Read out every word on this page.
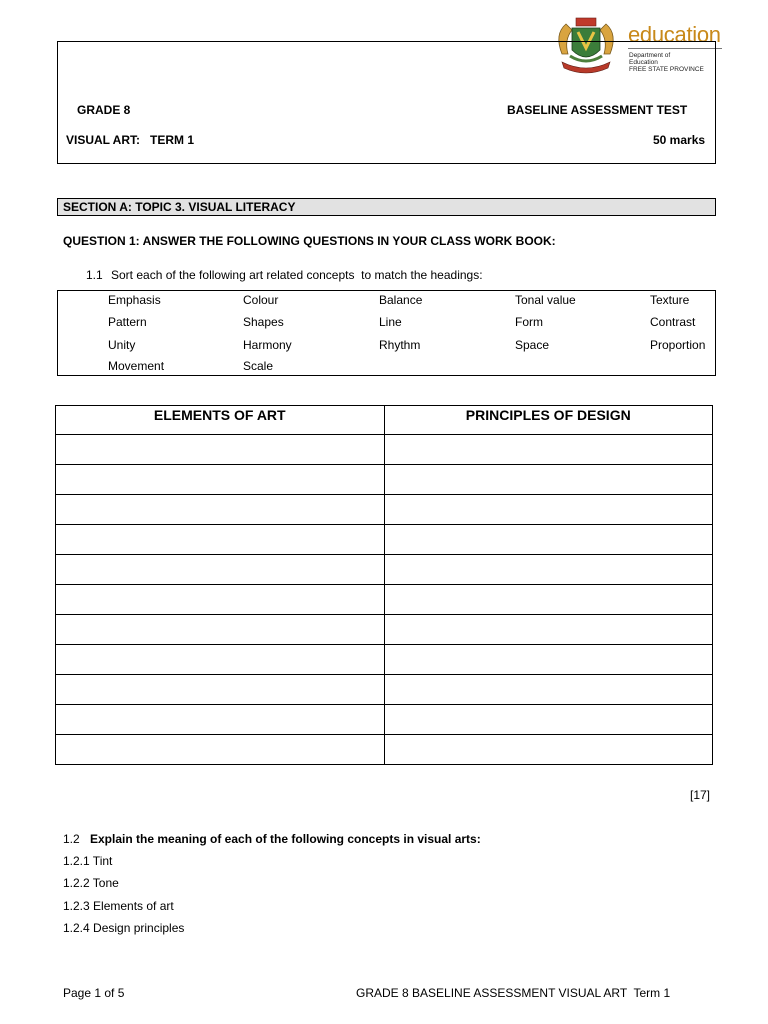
education
Department of
Education
FREE STATE PROVINCE
GRADE 8	BASELINE ASSESSMENT TEST
VISUAL ART:   TERM 1	50 marks
SECTION A: TOPIC 3. VISUAL LITERACY
QUESTION 1: ANSWER THE FOLLOWING QUESTIONS IN YOUR CLASS WORK BOOK:
1.1 Sort each of the following art related concepts  to match the headings:
Emphasis	Colour	Balance	Tonal value	Texture
Pattern	Shapes	Line	Form	Contrast
Unity	Harmony	Rhythm	Space	Proportion
Movement	Scale
ELEMENTS OF ART	PRINCIPLES OF DESIGN

[17]
1.2 Explain the meaning of each of the following concepts in visual arts:
1.2.1 Tint
1.2.2 Tone
1.2.3 Elements of art
1.2.4 Design principles
Page 1 of 5	GRADE 8 BASELINE ASSESSMENT VISUAL ART  Term 1
